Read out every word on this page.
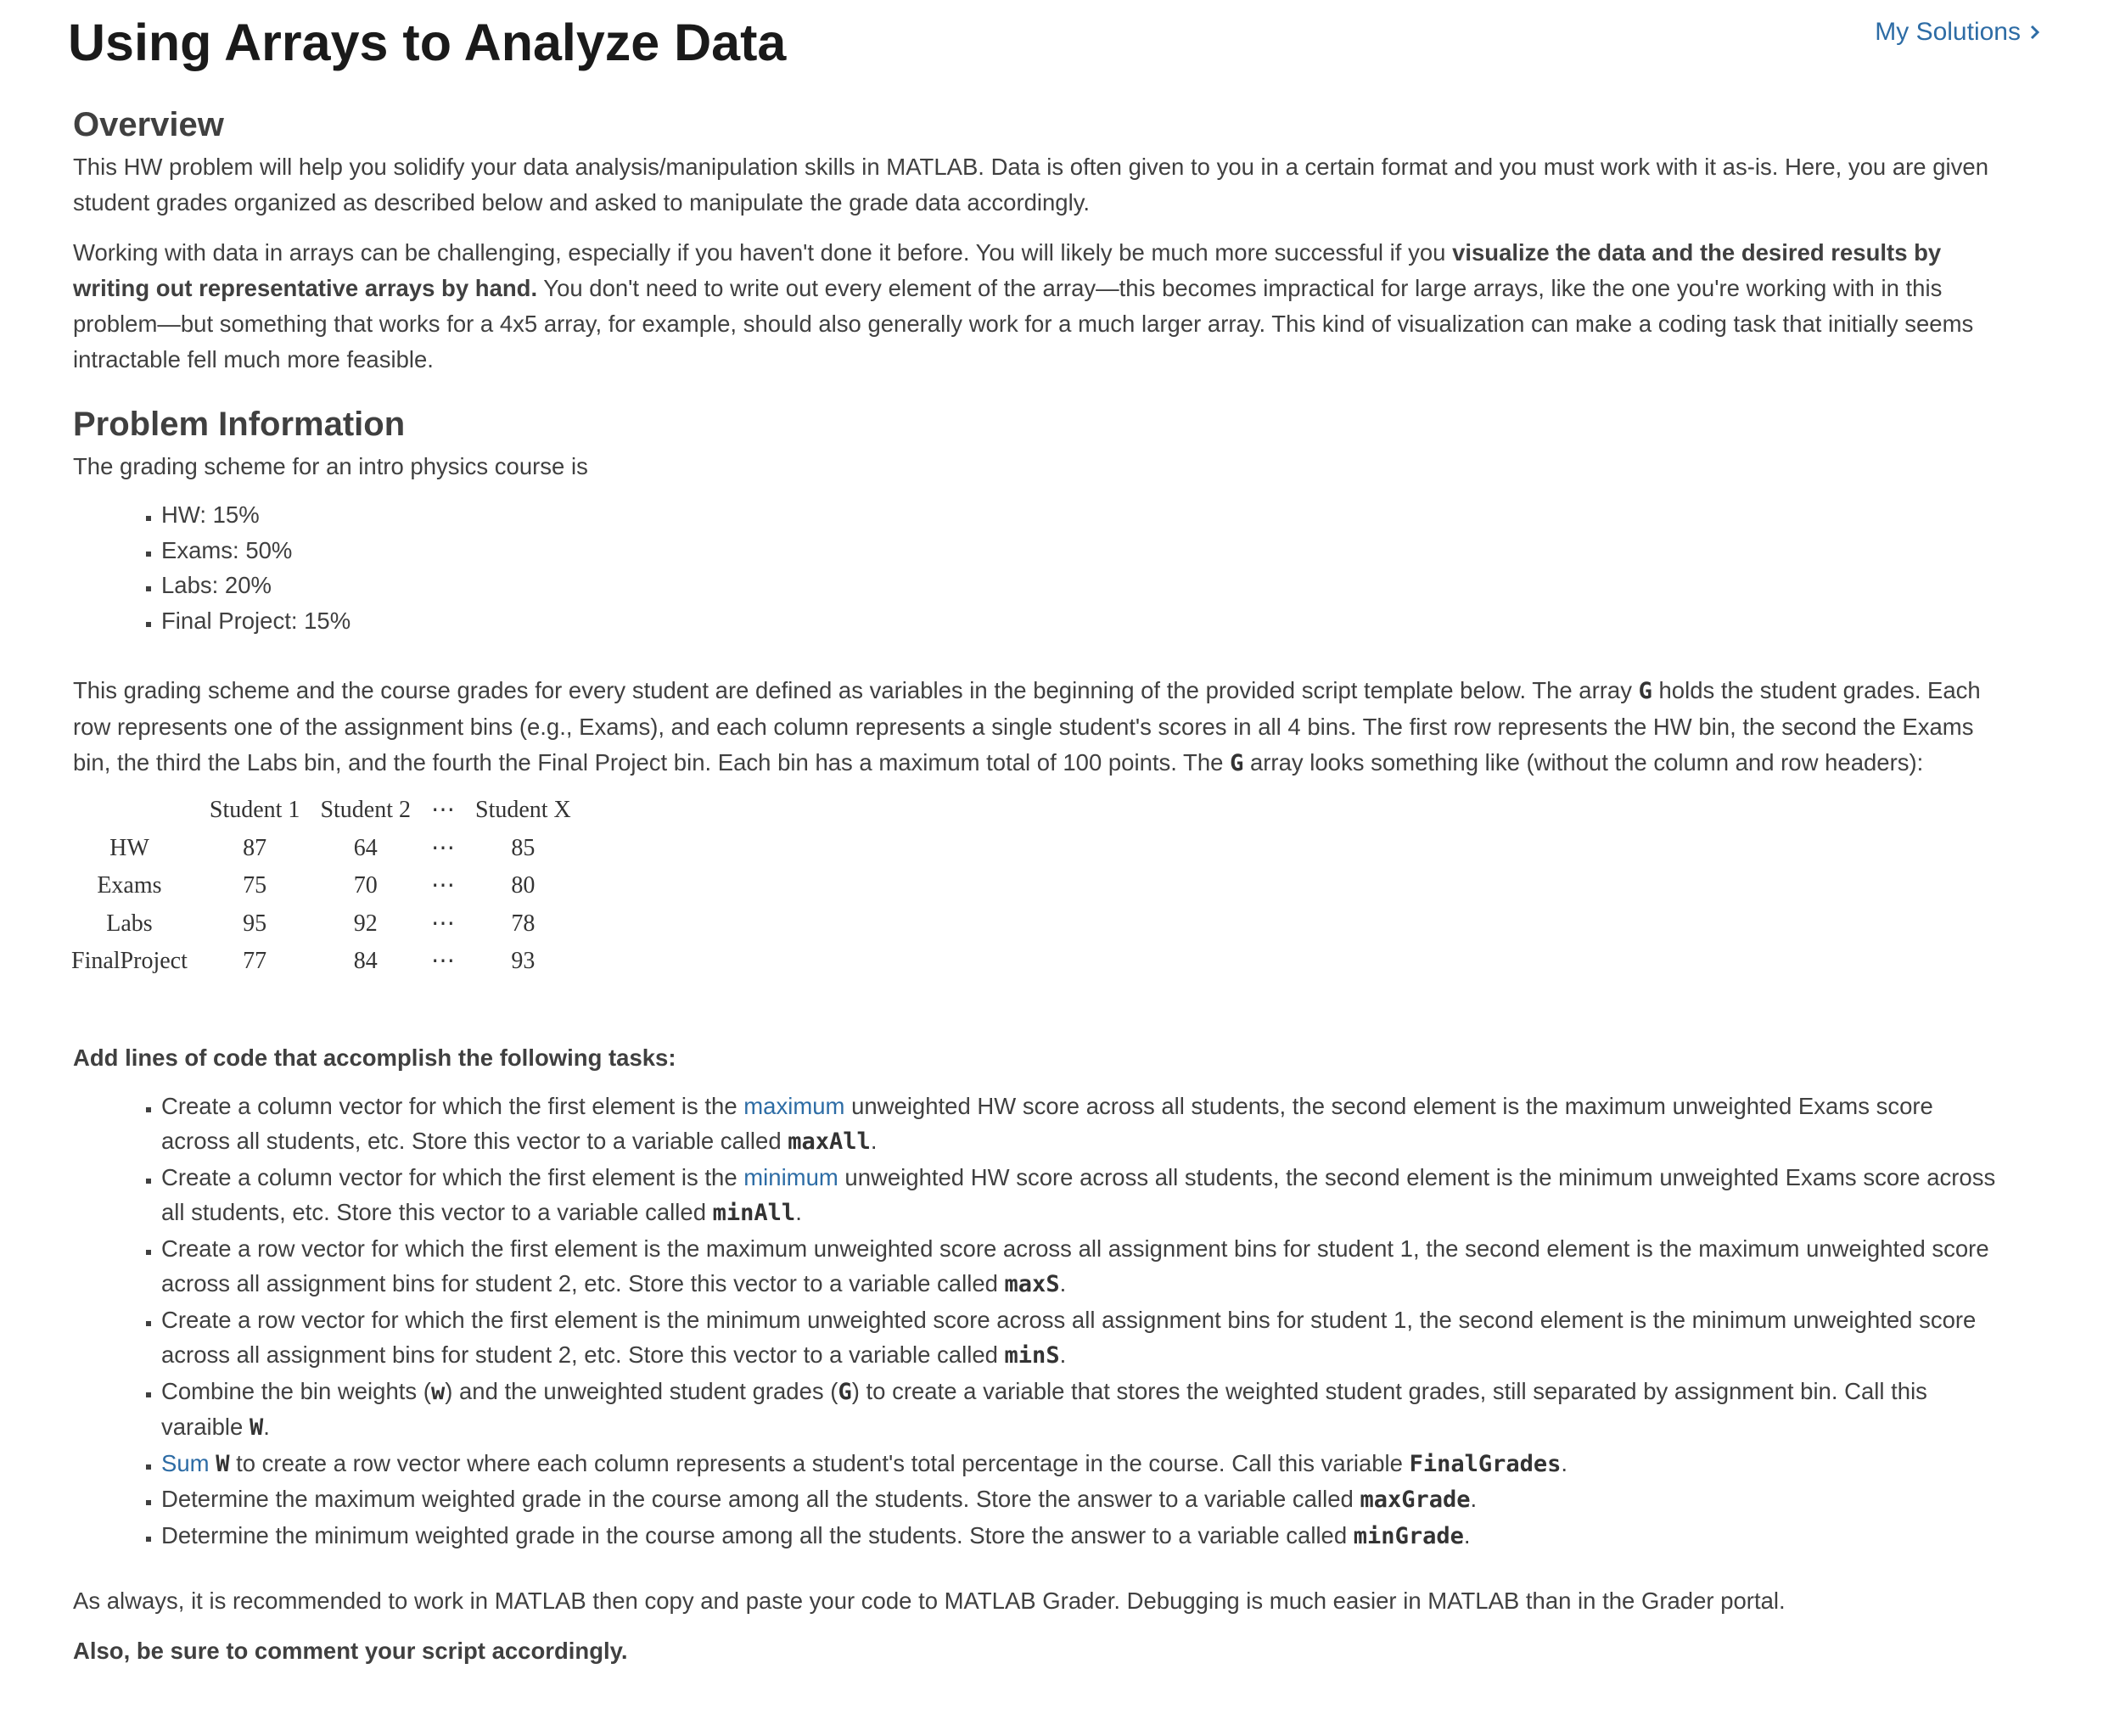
Using Arrays to Analyze Data	My Solutions
Overview

This HW problem will help you solidify your data analysis/manipulation skills in MATLAB. Data is often given to you in a certain format and you must work with it as-is. Here, you are given student grades organized as described below and asked to manipulate the grade data accordingly.

Working with data in arrays can be challenging, especially if you haven't done it before. You will likely be much more successful if you visualize the data and the desired results by writing out representative arrays by hand. You don't need to write out every element of the array—this becomes impractical for large arrays, like the one you're working with in this problem—but something that works for a 4x5 array, for example, should also generally work for a much larger array. This kind of visualization can make a coding task that initially seems intractable fell much more feasible.

Problem Information

The grading scheme for an intro physics course is

▪ HW: 15%
▪ Exams: 50%
▪ Labs: 20%
▪ Final Project: 15%

This grading scheme and the course grades for every student are defined as variables in the beginning of the provided script template below. The array G holds the student grades. Each row represents one of the assignment bins (e.g., Exams), and each column represents a single student's scores in all 4 bins. The first row represents the HW bin, the second the Exams bin, the third the Labs bin, and the fourth the Final Project bin. Each bin has a maximum total of 100 points. The G array looks something like (without the column and row headers):

	Student 1	Student 2	⋯	Student X
HW	87	64	⋯	85
Exams	75	70	⋯	80
Labs	95	92	⋯	78
FinalProject	77	84	⋯	93

Add lines of code that accomplish the following tasks:

▪ Create a column vector for which the first element is the maximum unweighted HW score across all students, the second element is the maximum unweighted Exams score across all students, etc. Store this vector to a variable called maxAll.
▪ Create a column vector for which the first element is the minimum unweighted HW score across all students, the second element is the minimum unweighted Exams score across all students, etc. Store this vector to a variable called minAll.
▪ Create a row vector for which the first element is the maximum unweighted score across all assignment bins for student 1, the second element is the maximum unweighted score across all assignment bins for student 2, etc. Store this vector to a variable called maxS.
▪ Create a row vector for which the first element is the minimum unweighted score across all assignment bins for student 1, the second element is the minimum unweighted score across all assignment bins for student 2, etc. Store this vector to a variable called minS.
▪ Combine the bin weights (w) and the unweighted student grades (G) to create a variable that stores the weighted student grades, still separated by assignment bin. Call this varaible W.
▪ Sum W to create a row vector where each column represents a student's total percentage in the course. Call this variable FinalGrades.
▪ Determine the maximum weighted grade in the course among all the students. Store the answer to a variable called maxGrade.
▪ Determine the minimum weighted grade in the course among all the students. Store the answer to a variable called minGrade.

As always, it is recommended to work in MATLAB then copy and paste your code to MATLAB Grader. Debugging is much easier in MATLAB than in the Grader portal.

Also, be sure to comment your script accordingly.
